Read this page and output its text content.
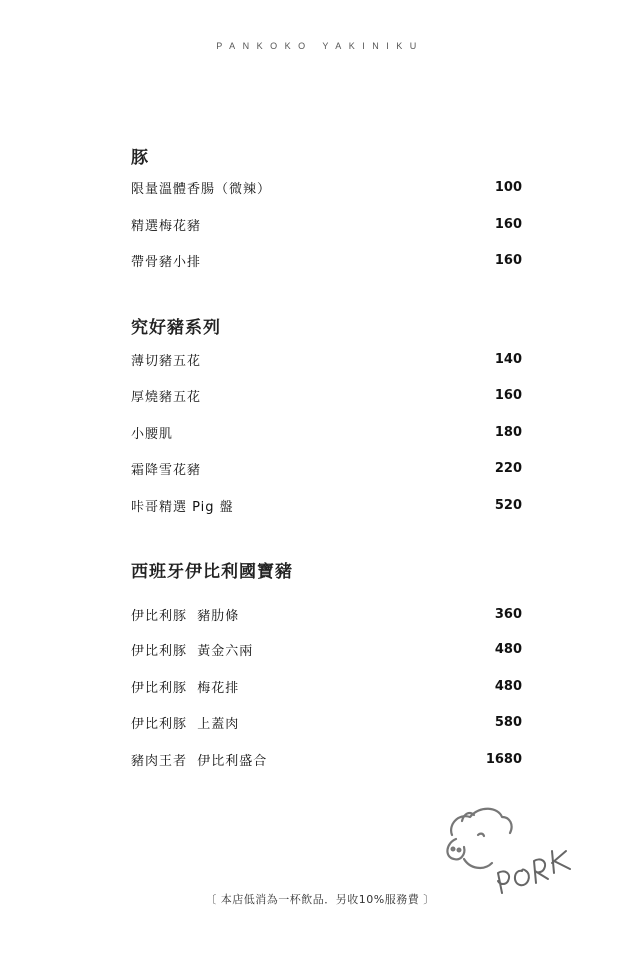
PANKOKO YAKINIKU
豚
限量溫體香腸（微辣）	100
精選梅花豬	160
帶骨豬小排	160
究好豬系列
薄切豬五花	140
厚燒豬五花	160
小腰肌	180
霜降雪花豬	220
咔哥精選 Pig 盤	520
西班牙伊比利國寶豬
伊比利豚  豬肋條	360
伊比利豚  黃金六兩	480
伊比利豚  梅花排	480
伊比利豚  上蓋肉	580
豬肉王者  伊比利盛合	1680
〔 本店低消為一杯飲品．另收10%服務費 〕
